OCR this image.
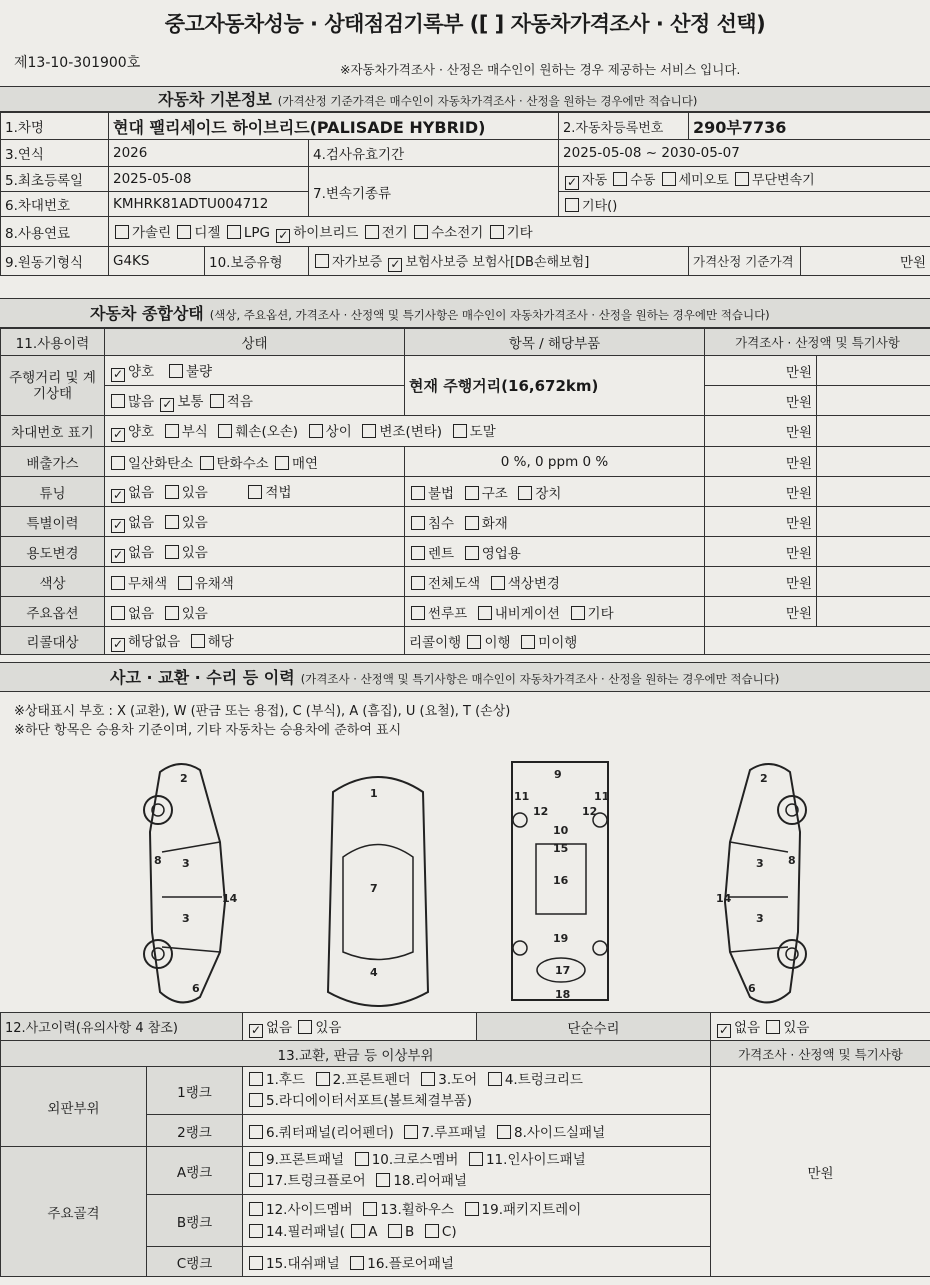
중고자동차성능 · 상태점검기록부 ([ ] 자동차가격조사 · 산정 선택)
제13-10-301900호	※자동차가격조사 · 산정은 매수인이 원하는 경우 제공하는 서비스 입니다.
자동차 기본정보 (가격산정 기준가격은 매수인이 자동차가격조사 · 산정을 원하는 경우에만 적습니다)
1.차명	현대 팰리세이드 하이브리드(PALISADE HYBRID)			2.자동차등록번호	290부7736	
3.연식	2026		4.검사유효기간	2025-05-08 ~ 2030-05-07		
5.최초등록일	2025-05-08		7.변속기종류	✓ 자동 수동 세미오토 무단변속기		
6.차대번호	KMHRK81ADTU004712			기타()		
8.사용연료	가솔린 디젤 LPG ✓ 하이브리드 전기 수소전기 기타					
9.원동기형식	G4KS	10.보증유형	자가보증 ✓ 보험사보증 보험사[DB손해보험]		가격산정 기준가격	만원
자동차 종합상태 (색상, 주요옵션, 가격조사 · 산정액 및 특기사항은 매수인이 자동차가격조사 · 산정을 원하는 경우에만 적습니다)
11.사용이력	상태	항목 / 해당부품	가격조사 · 산정액 및 특기사항	
주행거리 및 계기상태	✓ 양호 불량	현재 주행거리(16,672km)	만원	
	많음 ✓ 보통 적음		만원	
차대번호 표기	✓ 양호 부식 훼손(오손) 상이 변조(변타) 도말		만원	
배출가스	일산화탄소 탄화수소 매연	0 %, 0 ppm 0 %	만원	
튜닝	✓ 없음 있음 적법	불법 구조 장치	만원	
특별이력	✓ 없음 있음	침수 화재	만원	
용도변경	✓ 없음 있음	렌트 영업용	만원	
색상	무채색 유채색	전체도색 색상변경	만원	
주요옵션	없음 있음	썬루프 내비게이션 기타	만원	
리콜대상	✓ 해당없음 해당	리콜이행 이행 미이행		
사고 · 교환 · 수리 등 이력 (가격조사 · 산정액 및 특기사항은 매수인이 자동차가격조사 · 산정을 원하는 경우에만 적습니다)
※상태표시 부호 : X (교환), W (판금 또는 용접), C (부식), A (흠집), U (요철), T (손상)
※하단 항목은 승용차 기준이며, 기타 자동차는 승용차에 준하여 표시
2
3
3
8
14
6
1
7
4
9
11	11
12	12
10
15
16
19
17
18
2
3
3
8
14
6
12.사고이력(유의사항 4 참조)		✓ 없음 있음	단순수리	✓ 없음 있음
13.교환, 판금 등 이상부위				가격조사 · 산정액 및 특기사항
외판부위	1랭크	1.후드 2.프론트펜더 3.도어 4.트렁크리드
5.라디에이터서포트(볼트체결부품)		만원
	2랭크	6.쿼터패널(리어펜더) 7.루프패널 8.사이드실패널		
주요골격	A랭크	9.프론트패널 10.크로스멤버 11.인사이드패널
17.트렁크플로어 18.리어패널		
	B랭크	12.사이드멤버 13.휠하우스 19.패키지트레이
14.필러패널( A B C)		
	C랭크	15.대쉬패널 16.플로어패널		
